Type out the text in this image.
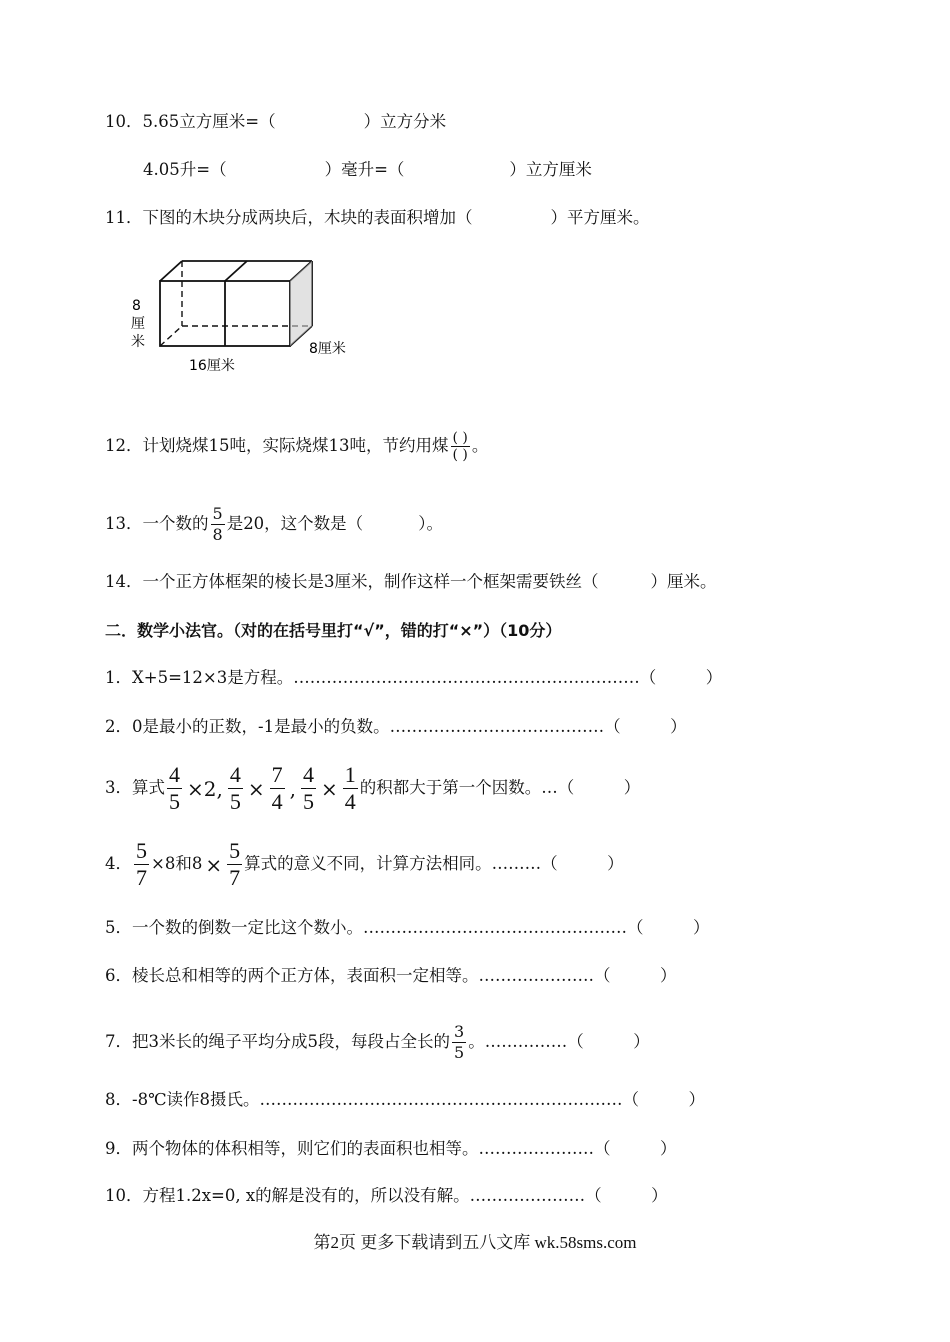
10．5.65立方厘米=（	）立方分米
4.05升=（	）毫升=（	）立方厘米
11．下图的木块分成两块后，木块的表面积增加（	）平方厘米。
8
厘
米
16厘米
8厘米
12．计划烧煤15吨，实际烧煤13吨，节约用煤 $\frac{( )}{( )}$ 。
13．一个数的 $\frac{5}{8}$ 是20，这个数是（	）。
14．一个正方体框架的棱长是3厘米，制作这样一个框架需要铁丝（	）厘米。
二．数学小法官。（对的在括号里打“√”，错的打“×”）（10分）
1．X+5=12×3是方程。………………………………………………………（　　　）
2．0是最小的正数，-1是最小的负数。…………………………………（　　　）
3．算式 $\frac{4}{5} \times 2$, $\frac{4}{5} \times \frac{7}{4}$ , $\frac{4}{5} \times \frac{1}{4}$ 的积都大于第一个因数。…（　　　）
4． $\frac{5}{7} \times 8$和$8 \times \frac{5}{7}$ 算式的意义不同，计算方法相同。………（　　　）
5．一个数的倒数一定比这个数小。…………………………………………（　　　）
6．棱长总和相等的两个正方体，表面积一定相等。…………………（　　　）
7．把3米长的绳子平均分成5段，每段占全长的 $\frac{3}{5}$ 。……………（　　　）
8．-8℃读作8摄氏。…………………………………………………………（　　　）
9．两个物体的体积相等，则它们的表面积也相等。…………………（　　　）
10．方程1.2x=0, x的解是没有的，所以没有解。…………………（　　　）
第2页 更多下载请到五八文库 wk.58sms.com
